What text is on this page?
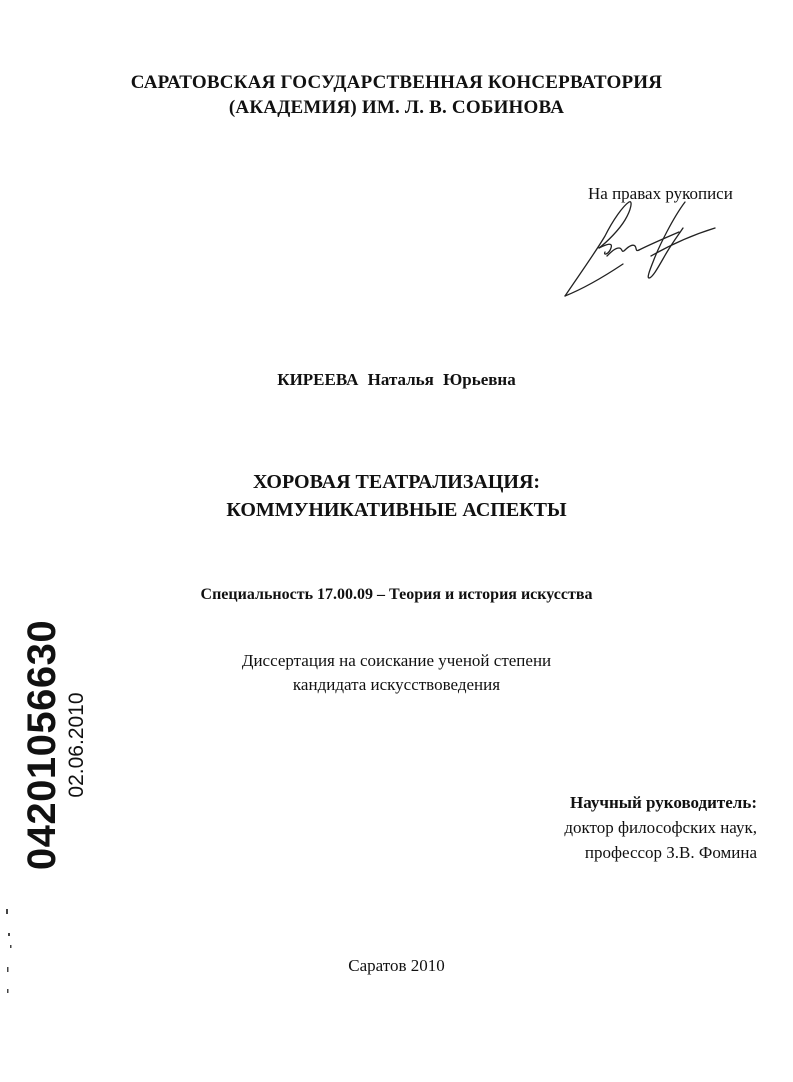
САРАТОВСКАЯ ГОСУДАРСТВЕННАЯ КОНСЕРВАТОРИЯ
(АКАДЕМИЯ) ИМ. Л. В. СОБИНОВА
На правах рукописи
КИРЕЕВА Наталья Юрьевна
ХОРОВАЯ ТЕАТРАЛИЗАЦИЯ:
КОММУНИКАТИВНЫЕ АСПЕКТЫ
Специальность 17.00.09 – Теория и история искусства
Диссертация на соискание ученой степени
кандидата искусствоведения
Научный руководитель:
доктор философских наук,
профессор З.В. Фомина
Саратов 2010
04201056630 02.06.2010
